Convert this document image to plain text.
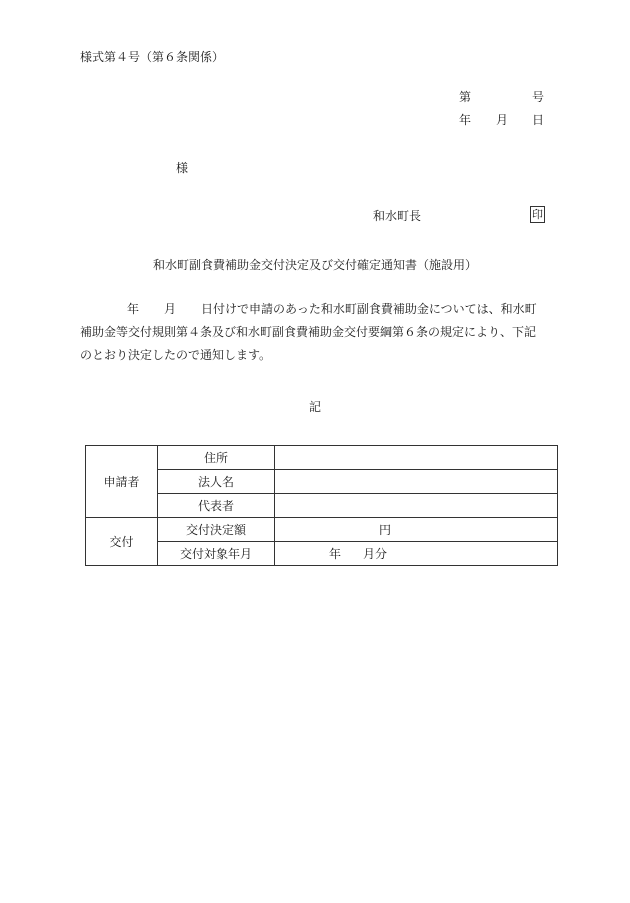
様式第４号（第６条関係）
第	号
年 月 日
様
和水町長	印
和水町副食費補助金交付決定及び交付確定通知書（施設用）
年 月 日付けで申請のあった和水町副食費補助金については、和水町
補助金等交付規則第４条及び和水町副食費補助金交付要綱第６条の規定により、下記
のとおり決定したので通知します。
記
申請者	住所	
	法人名	
	代表者	
交付	交付決定額	円
	交付対象年月	年 月分
